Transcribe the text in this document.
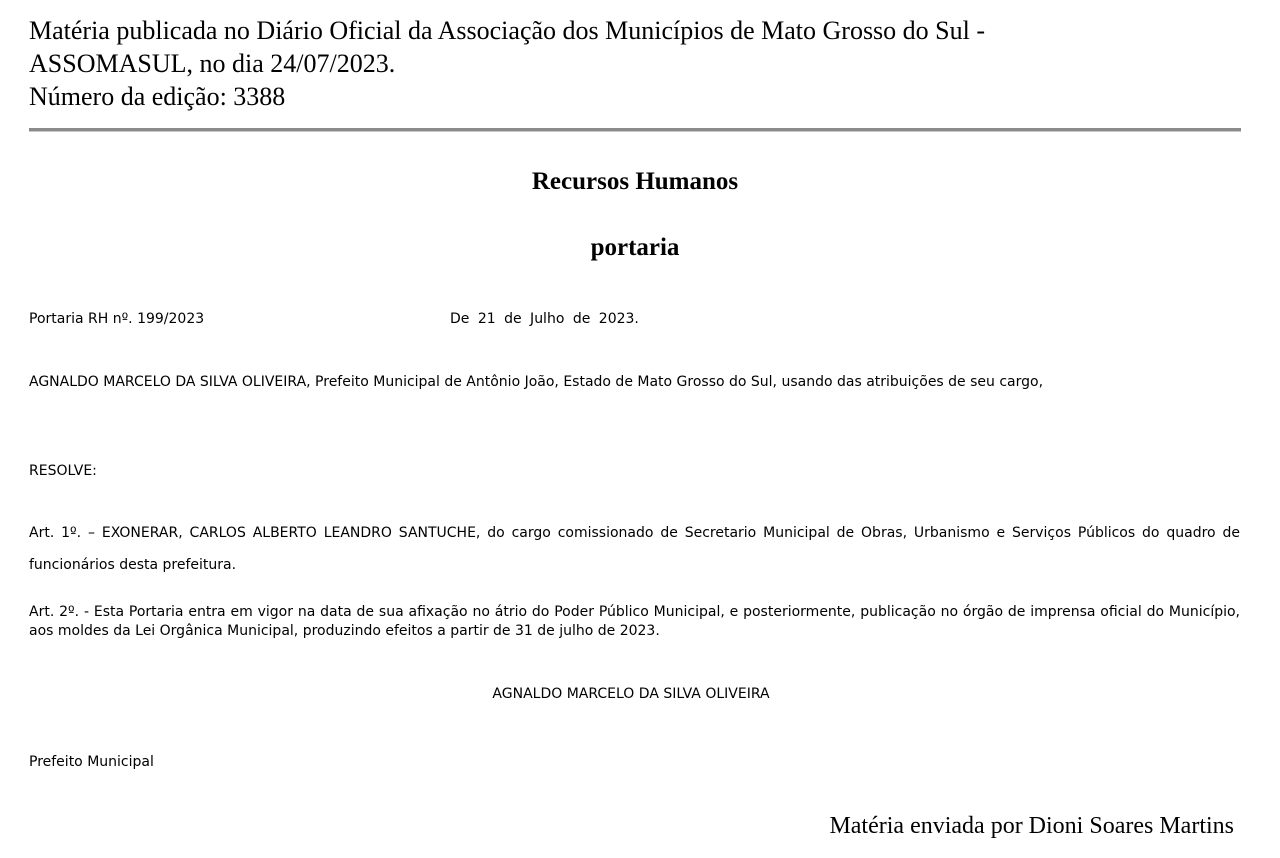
Matéria publicada no Diário Oficial da Associação dos Municípios de Mato Grosso do Sul -
ASSOMASUL, no dia 24/07/2023.
Número da edição: 3388
Recursos Humanos
portaria
Portaria RH nº. 199/2023	De 21 de Julho de 2023.
AGNALDO MARCELO DA SILVA OLIVEIRA, Prefeito Municipal de Antônio João, Estado de Mato Grosso do Sul, usando das atribuições de seu cargo,
RESOLVE:
Art. 1º. – EXONERAR, CARLOS ALBERTO LEANDRO SANTUCHE, do cargo comissionado de Secretario Municipal de Obras, Urbanismo e Serviços Públicos do quadro de funcionários desta prefeitura.
Art. 2º. - Esta Portaria entra em vigor na data de sua afixação no átrio do Poder Público Municipal, e posteriormente, publicação no órgão de imprensa oficial do Município, aos moldes da Lei Orgânica Municipal, produzindo efeitos a partir de 31 de julho de 2023.
AGNALDO MARCELO DA SILVA OLIVEIRA
Prefeito Municipal
Matéria enviada por Dioni Soares Martins
